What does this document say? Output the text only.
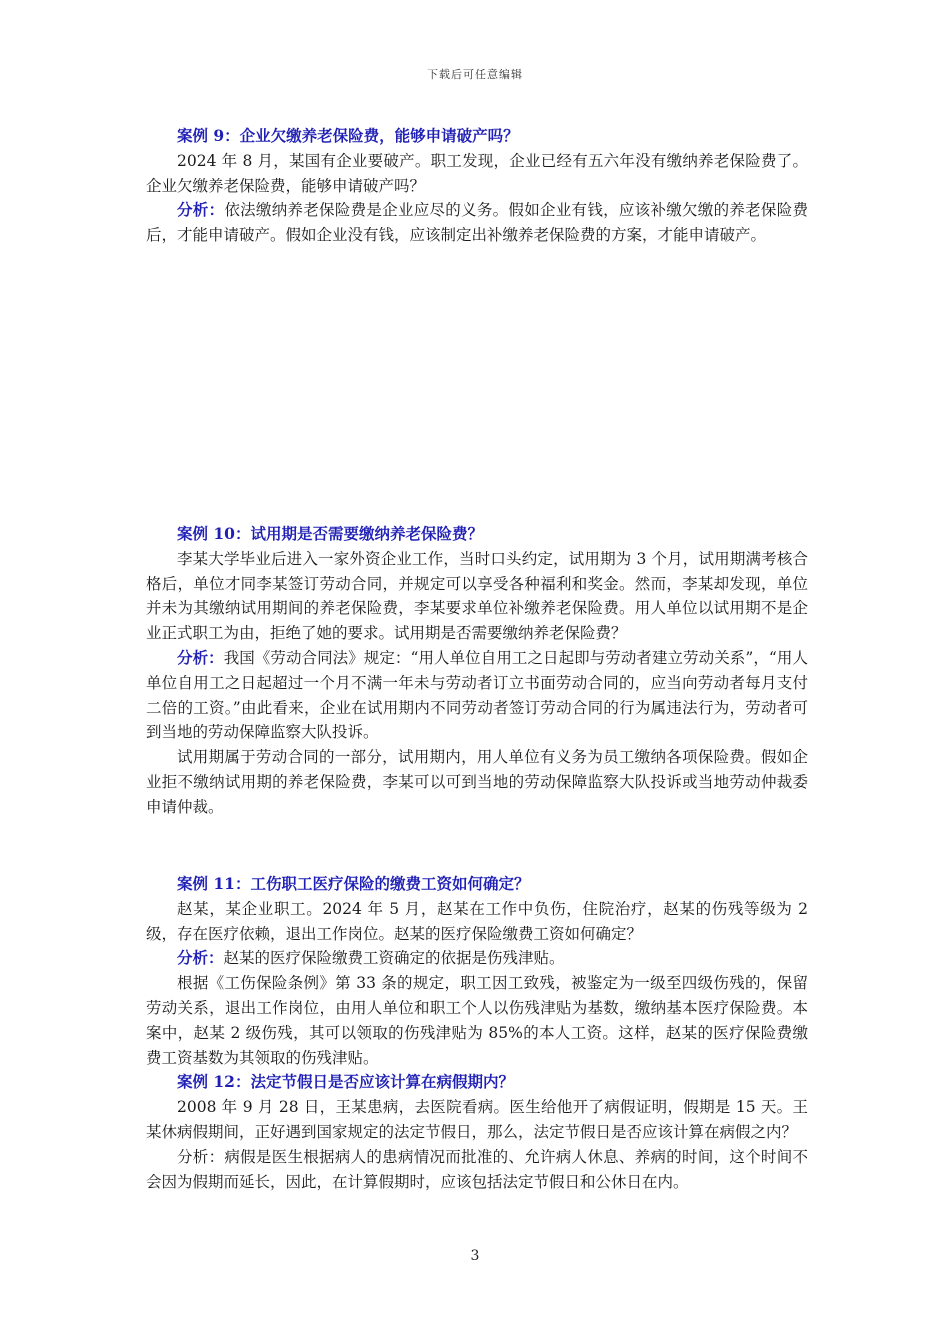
下载后可任意编辑

案例 9：企业欠缴养老保险费，能够申请破产吗？

2024 年 8 月，某国有企业要破产。职工发现，企业已经有五六年没有缴纳养老保险费了。企业欠缴养老保险费，能够申请破产吗？

分析：依法缴纳养老保险费是企业应尽的义务。假如企业有钱，应该补缴欠缴的养老保险费后，才能申请破产。假如企业没有钱，应该制定出补缴养老保险费的方案，才能申请破产。

案例 10：试用期是否需要缴纳养老保险费？

李某大学毕业后进入一家外资企业工作，当时口头约定，试用期为 3 个月，试用期满考核合格后，单位才同李某签订劳动合同，并规定可以享受各种福利和奖金。然而，李某却发现，单位并未为其缴纳试用期间的养老保险费，李某要求单位补缴养老保险费。用人单位以试用期不是企业正式职工为由，拒绝了她的要求。试用期是否需要缴纳养老保险费？

分析：我国《劳动合同法》规定：“用人单位自用工之日起即与劳动者建立劳动关系”，“用人单位自用工之日起超过一个月不满一年未与劳动者订立书面劳动合同的，应当向劳动者每月支付二倍的工资。”由此看来，企业在试用期内不同劳动者签订劳动合同的行为属违法行为，劳动者可到当地的劳动保障监察大队投诉。

试用期属于劳动合同的一部分，试用期内，用人单位有义务为员工缴纳各项保险费。假如企业拒不缴纳试用期的养老保险费，李某可以可到当地的劳动保障监察大队投诉或当地劳动仲裁委申请仲裁。

案例 11：工伤职工医疗保险的缴费工资如何确定？

赵某，某企业职工。2024 年 5 月，赵某在工作中负伤，住院治疗，赵某的伤残等级为 2 级，存在医疗依赖，退出工作岗位。赵某的医疗保险缴费工资如何确定？

分析：赵某的医疗保险缴费工资确定的依据是伤残津贴。

根据《工伤保险条例》第 33 条的规定，职工因工致残，被鉴定为一级至四级伤残的，保留劳动关系，退出工作岗位，由用人单位和职工个人以伤残津贴为基数，缴纳基本医疗保险费。本案中，赵某 2 级伤残，其可以领取的伤残津贴为 85%的本人工资。这样，赵某的医疗保险费缴费工资基数为其领取的伤残津贴。

案例 12：法定节假日是否应该计算在病假期内？

2008 年 9 月 28 日，王某患病，去医院看病。医生给他开了病假证明，假期是 15 天。王某休病假期间，正好遇到国家规定的法定节假日，那么，法定节假日是否应该计算在病假之内？

分析：病假是医生根据病人的患病情况而批准的、允许病人休息、养病的时间，这个时间不会因为假期而延长，因此，在计算假期时，应该包括法定节假日和公休日在内。

3
